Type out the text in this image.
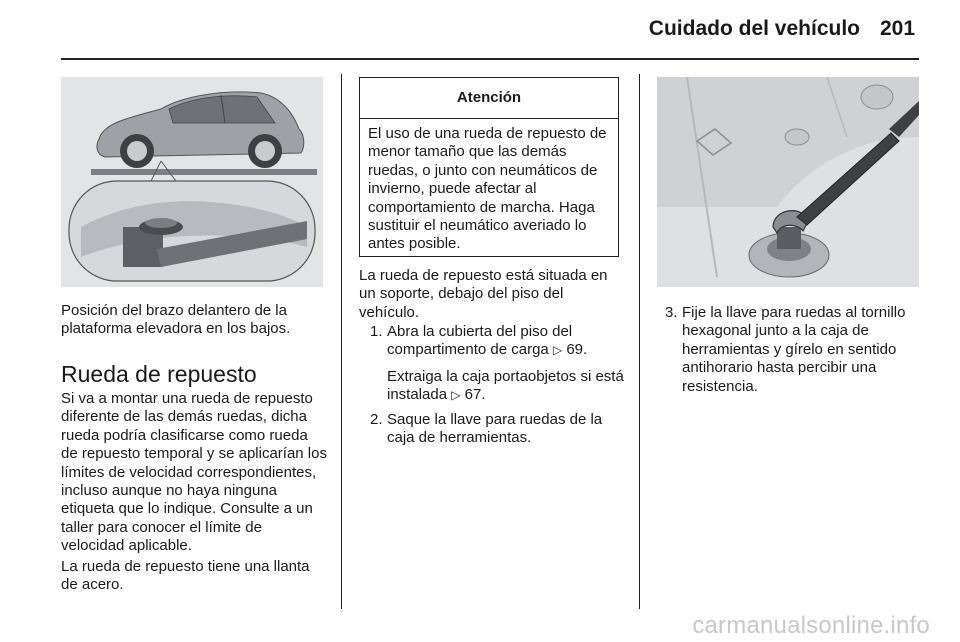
Cuidado del vehículo 201

Posición del brazo delantero de la plataforma elevadora en los bajos.

Rueda de repuesto

Si va a montar una rueda de repuesto diferente de las demás ruedas, dicha rueda podría clasificarse como rueda de repuesto temporal y se aplicarían los límites de velocidad correspondientes, incluso aunque no haya ninguna etiqueta que lo indique. Consulte a un taller para conocer el límite de velocidad aplicable.

La rueda de repuesto tiene una llanta de acero.

Atención
El uso de una rueda de repuesto de menor tamaño que las demás ruedas, o junto con neumáticos de invierno, puede afectar al comportamiento de marcha. Haga sustituir el neumático averiado lo antes posible.

La rueda de repuesto está situada en un soporte, debajo del piso del vehículo.

1. Abra la cubierta del piso del compartimento de carga ▷ 69.
Extraiga la caja portaobjetos si está instalada ▷ 67.
2. Saque la llave para ruedas de la caja de herramientas.
3. Fije la llave para ruedas al tornillo hexagonal junto a la caja de herramientas y gírelo en sentido antihorario hasta percibir una resistencia.
carmanualsonline.info
